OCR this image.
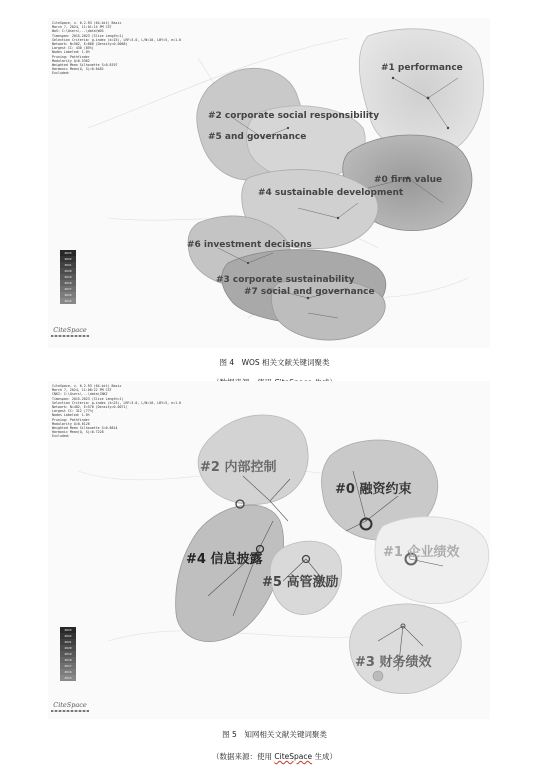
CiteSpace, v. 6.2.R3 (64-bit) Basic
March 7, 2024, 11:01:14 PM CST
WoS: C:\Users\...\data\WOS
Timespan: 2015-2023 (Slice Length=1)
Selection Criteria: g-index (k=25), LRF=3.0, L/N=10, LBY=5, e=1.0
Network: N=502, E=860 (Density=0.0068)
Largest CC: 430 (85%)
Nodes Labeled: 1.0%
Pruning: Pathfinder
Modularity Q=0.5362
Weighted Mean Silhouette S=0.8197
Harmonic Mean(Q, S)=0.6482
Excluded:
2023
2022
2021
2020
2019
2018
2017
2016
2015
CiteSpace
#1 performance
#2 corporate social responsibility
#5 and governance
#0 firm value
#4 sustainable development
#6 investment decisions
#3 corporate sustainability
#7 social and governance
图 4　WOS 相关文献关键词聚类
CiteSpace, v. 6.2.R3 (64-bit) Basic
March 7, 2024, 11:08:22 PM CST
CNKI: C:\Users\...\data\CNKI
Timespan: 2015-2023 (Slice Length=1)
Selection Criteria: g-index (k=25), LRF=3.0, L/N=10, LBY=5, e=1.0
Network: N=402, E=570 (Density=0.0071)
Largest CC: 312 (77%)
Nodes Labeled: 1.0%
Pruning: Pathfinder
Modularity Q=0.6126
Weighted Mean Silhouette S=0.8814
Harmonic Mean(Q, S)=0.7228
Excluded:
2023
2022
2021
2020
2019
2018
2017
2016
2015
CiteSpace
#2 内部控制
#0 融资约束
#1 企业绩效
#4 信息披露
#5 高管激励
#3 财务绩效
图 5　知网相关文献关键词聚类
（数据来源：使用 CiteSpace 生成）
